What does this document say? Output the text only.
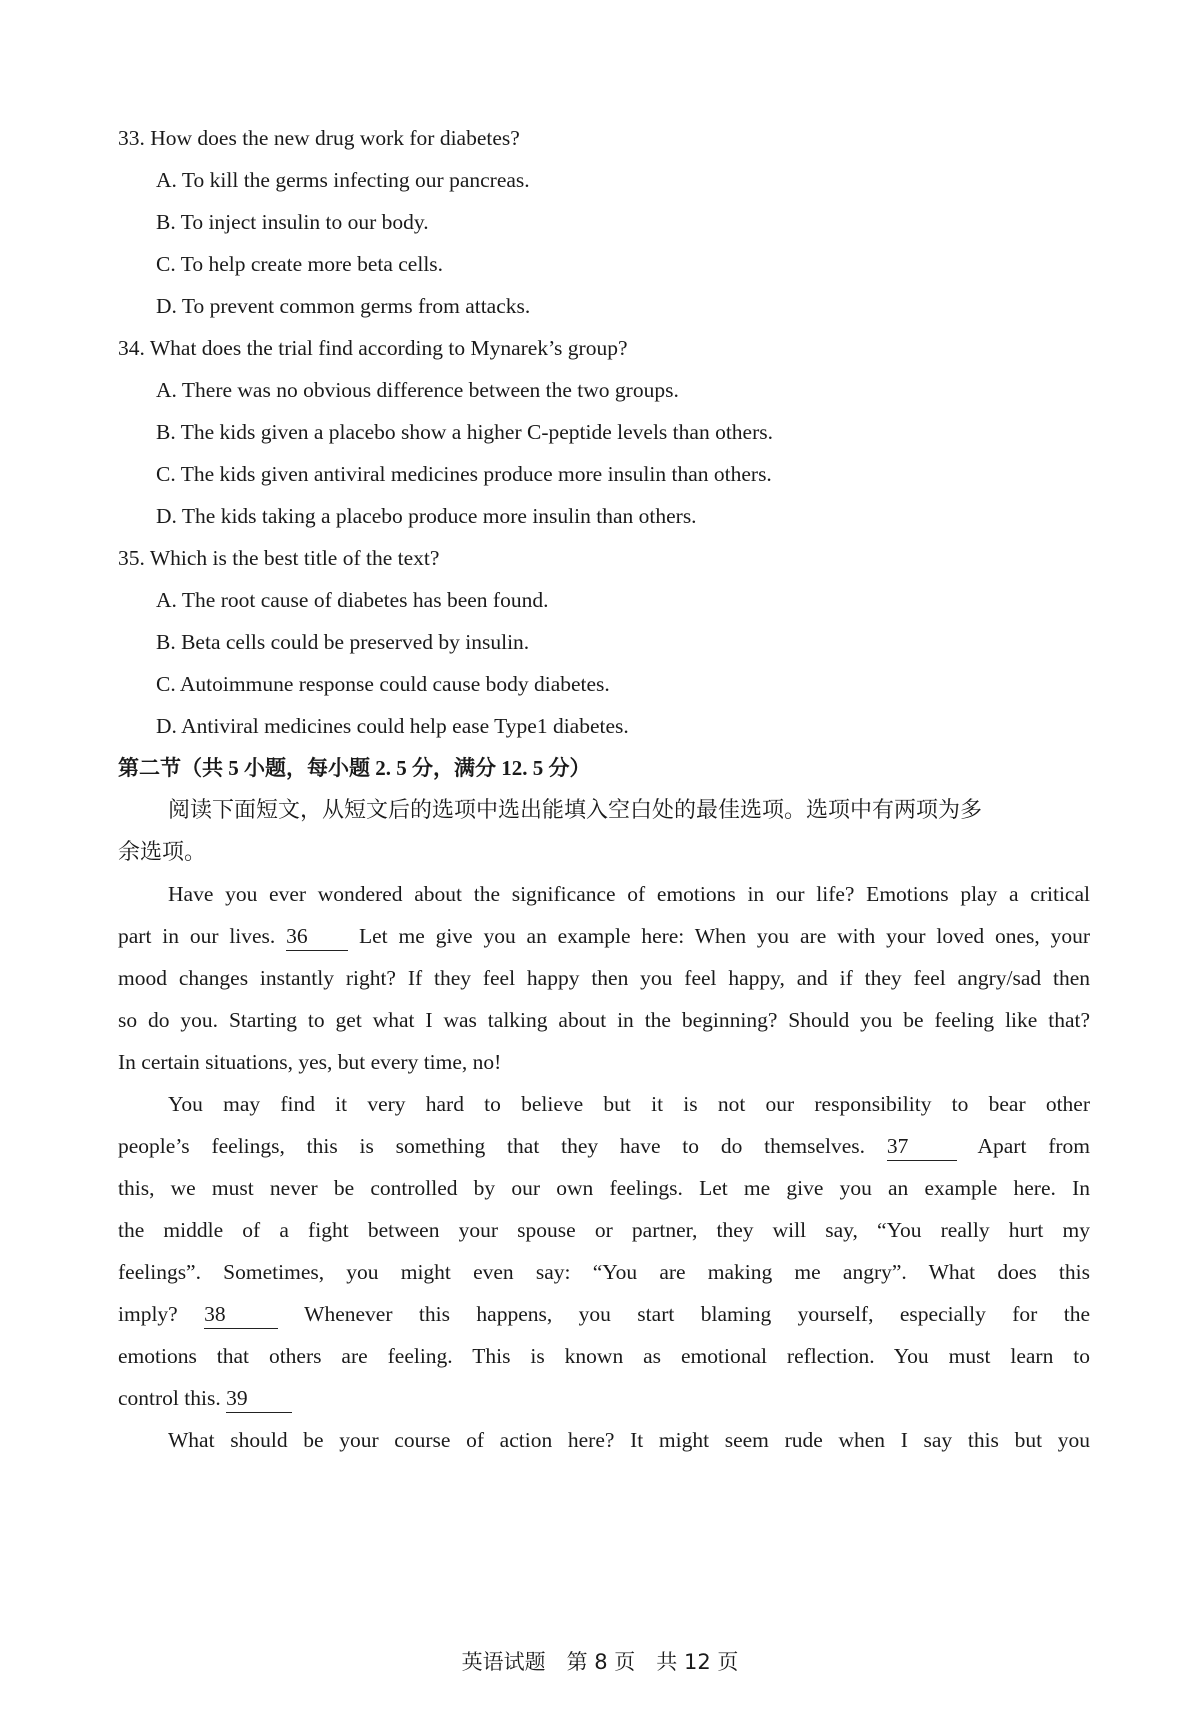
33. How does the new drug work for diabetes?
A. To kill the germs infecting our pancreas.
B. To inject insulin to our body.
C. To help create more beta cells.
D. To prevent common germs from attacks.
34. What does the trial find according to Mynarek’s group?
A. There was no obvious difference between the two groups.
B. The kids given a placebo show a higher C-peptide levels than others.
C. The kids given antiviral medicines produce more insulin than others.
D. The kids taking a placebo produce more insulin than others.
35. Which is the best title of the text?
A. The root cause of diabetes has been found.
B. Beta cells could be preserved by insulin.
C. Autoimmune response could cause body diabetes.
D. Antiviral medicines could help ease Type1 diabetes.
第二节（共 5 小题，每小题 2. 5 分，满分 12. 5 分）
阅读下面短文，从短文后的选项中选出能填入空白处的最佳选项。选项中有两项为多
余选项。
Have you ever wondered about the significance of emotions in our life? Emotions play a critical
part in our lives. 36 Let me give you an example here: When you are with your loved ones, your
mood changes instantly right? If they feel happy then you feel happy, and if they feel angry/sad then
so do you. Starting to get what I was talking about in the beginning? Should you be feeling like that?
In certain situations, yes, but every time, no!
You may find it very hard to believe but it is not our responsibility to bear other
people’s feelings, this is something that they have to do themselves. 37	Apart from
this, we must never be controlled by our own feelings. Let me give you an example here. In
the middle of a fight between your spouse or partner, they will say, “You really hurt my
feelings”. Sometimes, you might even say: “You are making me angry”. What does this
imply? 38	Whenever this happens, you start blaming yourself, especially for the
emotions that others are feeling. This is known as emotional reflection. You must learn to
control this. 39
What should be your course of action here? It might seem rude when I say this but you
英语试题　第 8 页　共 12 页
